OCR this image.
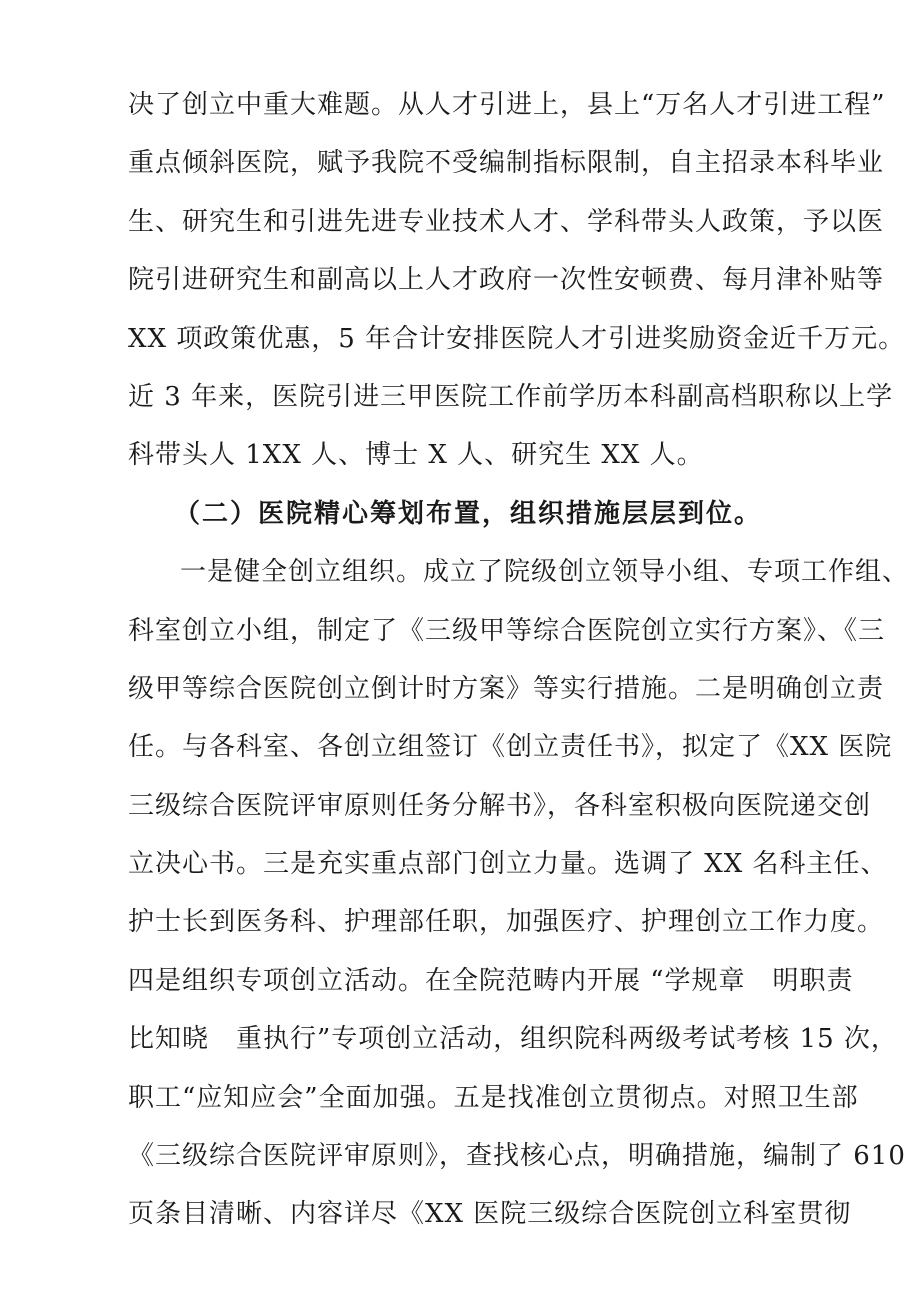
决了创立中重大难题。从人才引进上，县上“万名人才引进工程”
重点倾斜医院，赋予我院不受编制指标限制，自主招录本科毕业
生、研究生和引进先进专业技术人才、学科带头人政策，予以医
院引进研究生和副高以上人才政府一次性安顿费、每月津补贴等
XX 项政策优惠，5 年合计安排医院人才引进奖励资金近千万元。
近 3 年来，医院引进三甲医院工作前学历本科副高档职称以上学
科带头人 1XX 人、博士 X 人、研究生 XX 人。
（二）医院精心筹划布置，组织措施层层到位。
一是健全创立组织。成立了院级创立领导小组、专项工作组、
科室创立小组，制定了《三级甲等综合医院创立实行方案》、《三
级甲等综合医院创立倒计时方案》等实行措施。二是明确创立责
任。与各科室、各创立组签订《创立责任书》，拟定了《XX 医院
三级综合医院评审原则任务分解书》，各科室积极向医院递交创
立决心书。三是充实重点部门创立力量。选调了 XX 名科主任、
护士长到医务科、护理部任职，加强医疗、护理创立工作力度。
四是组织专项创立活动。在全院范畴内开展 “学规章　明职责
比知晓　重执行”专项创立活动，组织院科两级考试考核 15 次，
职工“应知应会”全面加强。五是找准创立贯彻点。对照卫生部
《三级综合医院评审原则》，查找核心点，明确措施，编制了 610
页条目清晰、内容详尽《XX 医院三级综合医院创立科室贯彻
